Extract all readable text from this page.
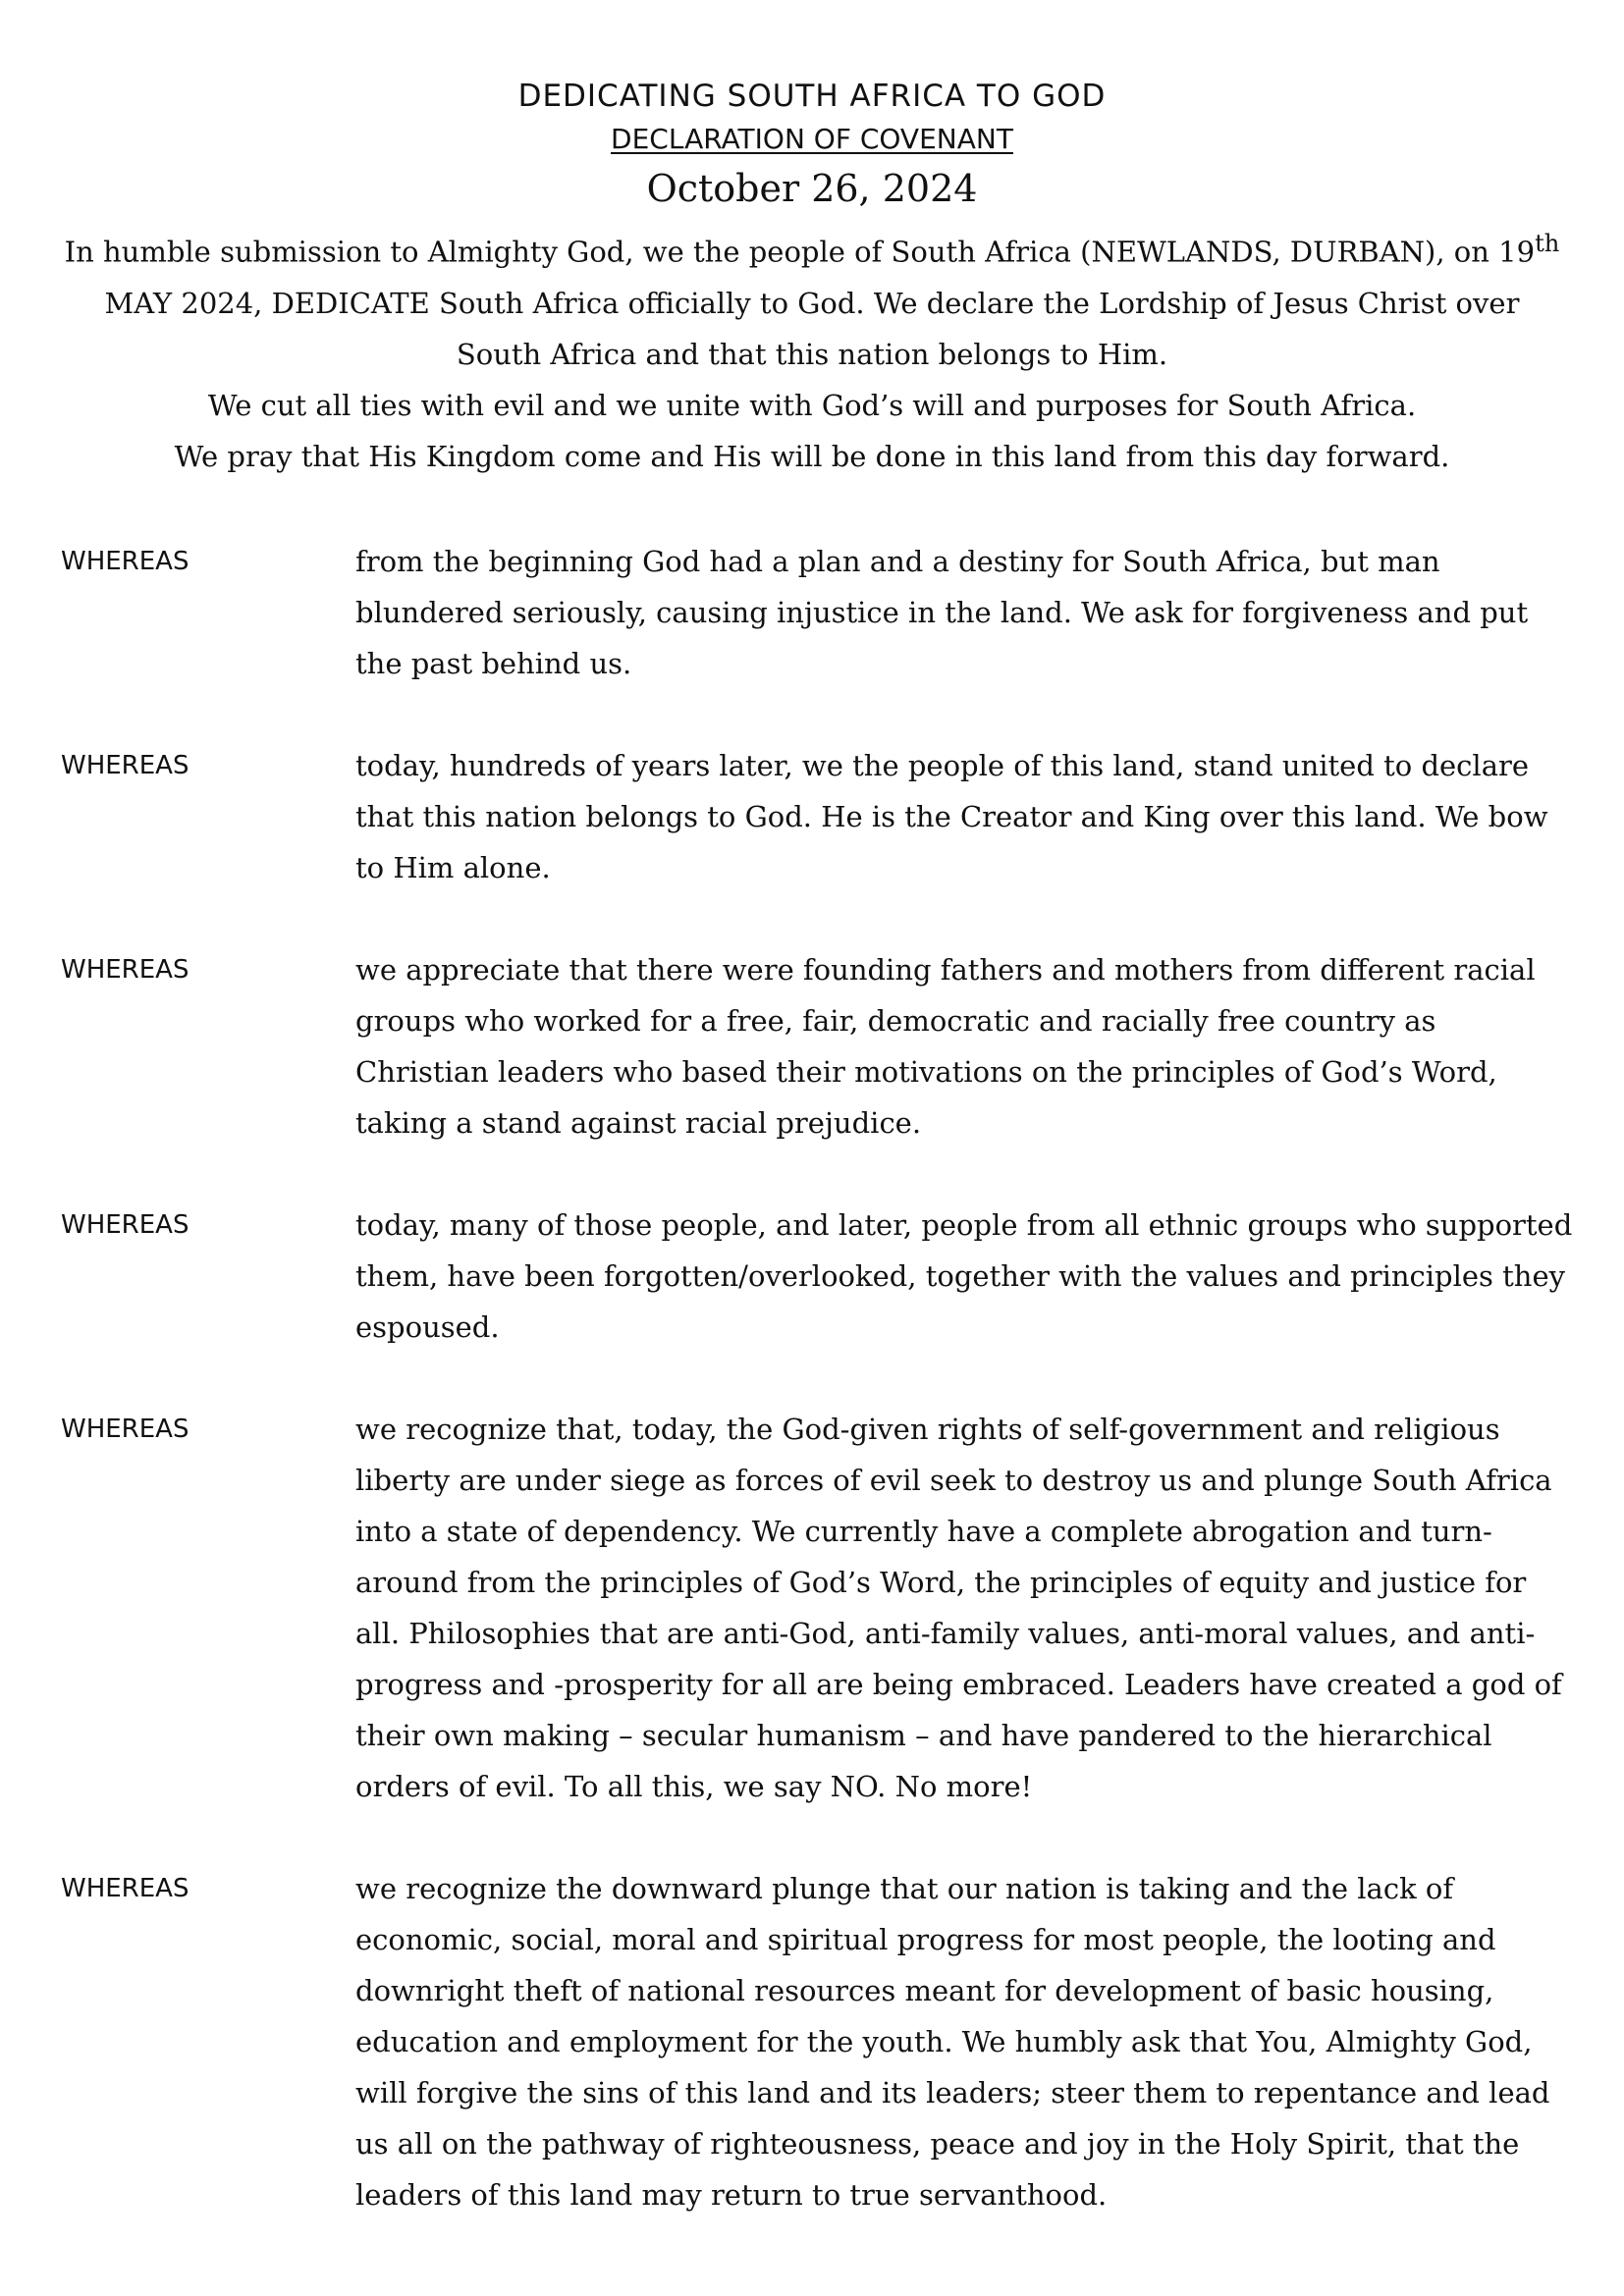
DEDICATING SOUTH AFRICA TO GOD

DECLARATION OF COVENANT

October 26, 2024

In humble submission to Almighty God, we the people of South Africa (NEWLANDS, DURBAN), on 19th MAY 2024, DEDICATE South Africa officially to God. We declare the Lordship of Jesus Christ over South Africa and that this nation belongs to Him.

We cut all ties with evil and we unite with God’s will and purposes for South Africa.

We pray that His Kingdom come and His will be done in this land from this day forward.

WHEREAS	from the beginning God had a plan and a destiny for South Africa, but man blundered seriously, causing injustice in the land. We ask for forgiveness and put the past behind us.
WHEREAS	today, hundreds of years later, we the people of this land, stand united to declare that this nation belongs to God. He is the Creator and King over this land. We bow to Him alone.
WHEREAS	we appreciate that there were founding fathers and mothers from different racial groups who worked for a free, fair, democratic and racially free country as Christian leaders who based their motivations on the principles of God’s Word, taking a stand against racial prejudice.
WHEREAS	today, many of those people, and later, people from all ethnic groups who supported them, have been forgotten/overlooked, together with the values and principles they espoused.
WHEREAS	we recognize that, today, the God-given rights of self-government and religious liberty are under siege as forces of evil seek to destroy us and plunge South Africa into a state of dependency. We currently have a complete abrogation and turn-around from the principles of God’s Word, the principles of equity and justice for all. Philosophies that are anti-God, anti-family values, anti-moral values, and anti-progress and -prosperity for all are being embraced. Leaders have created a god of their own making – secular humanism – and have pandered to the hierarchical orders of evil. To all this, we say NO. No more!
WHEREAS	we recognize the downward plunge that our nation is taking and the lack of economic, social, moral and spiritual progress for most people, the looting and downright theft of national resources meant for development of basic housing, education and employment for the youth. We humbly ask that You, Almighty God, will forgive the sins of this land and its leaders; steer them to repentance and lead us all on the pathway of righteousness, peace and joy in the Holy Spirit, that the leaders of this land may return to true servanthood.
